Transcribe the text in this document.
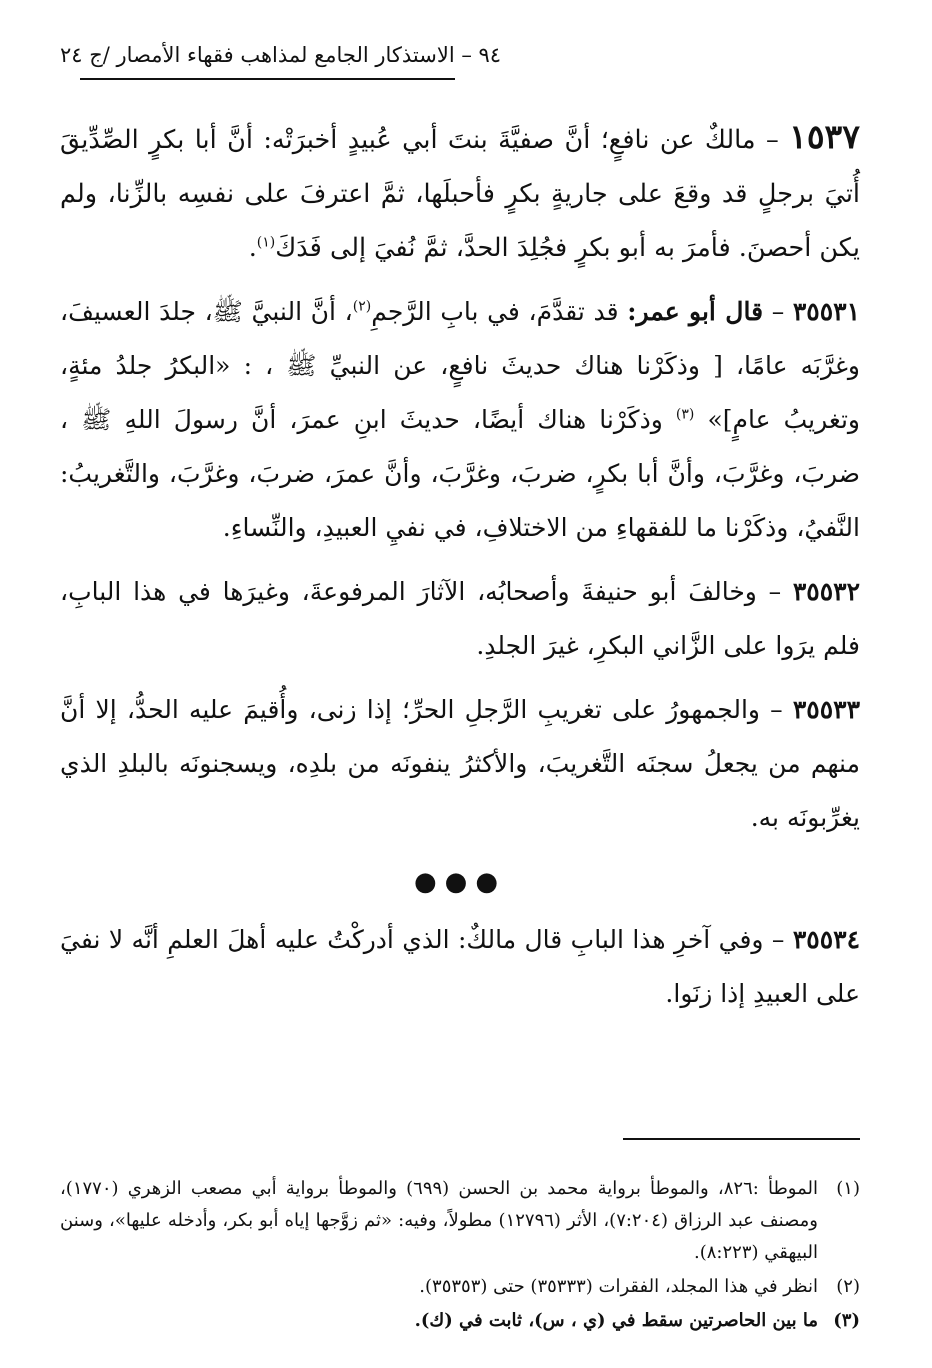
٩٤ – الاستذكار الجامع لمذاهب فقهاء الأمصار /ج ٢٤

١٥٣٧ – مالكٌ عن نافعٍ؛ أنَّ صفيَّةَ بنتَ أبي عُبيدٍ أخبرَتْه: أنَّ أبا بكرٍ الصِّدِّيقَ أُتيَ برجلٍ قد وقعَ على جاريةٍ بكرٍ فأحبلَها، ثمَّ اعترفَ على نفسِه بالزِّنا، ولم يكن أحصنَ. فأمرَ به أبو بكرٍ فجُلِدَ الحدَّ، ثمَّ نُفيَ إلى فَدَكَ$^{(١)}$.

٣٥٥٣١ – قال أبو عمر: قد تقدَّمَ، في بابِ الرَّجمِ$^{(٢)}$، أنَّ النبيَّ ﷺ، جلدَ العسيفَ، وغرَّبَه عامًا، [ وذكَرْنا هناك حديثَ نافعٍ، عن النبيِّ ﷺ ، : «البكرُ جلدُ مئةٍ، وتغريبُ عامٍ]» $^{(٣)}$ وذكَرْنا هناك أيضًا، حديثَ ابنِ عمرَ، أنَّ رسولَ اللهِ ﷺ ، ضربَ، وغرَّبَ، وأنَّ أبا بكرٍ، ضربَ، وغرَّبَ، وأنَّ عمرَ، ضربَ، وغرَّبَ، والتَّغريبُ: النَّفيُ، وذكَرْنا ما للفقهاءِ من الاختلافِ، في نفيِ العبيدِ، والنِّساءِ.

٣٥٥٣٢ – وخالفَ أبو حنيفةَ وأصحابُه، الآثارَ المرفوعةَ، وغيرَها في هذا البابِ، فلم يرَوا على الزَّاني البكرِ، غيرَ الجلدِ.

٣٥٥٣٣ – والجمهورُ على تغريبِ الرَّجلِ الحرِّ؛ إذا زنى، وأُقيمَ عليه الحدُّ، إلا أنَّ منهم من يجعلُ سجنَه التَّغريبَ، والأكثرُ ينفونَه من بلدِه، ويسجنونَه بالبلدِ الذي يغرِّبونَه به.

●●●

٣٥٥٣٤ – وفي آخرِ هذا البابِ قال مالكٌ: الذي أدركْتُ عليه أهلَ العلمِ أنَّه لا نفيَ على العبيدِ إذا زنَوا.

(١)
الموطأ :٨٢٦، والموطأ برواية محمد بن الحسن (٦٩٩) والموطأ برواية أبي مصعب الزهري (١٧٧٠)، ومصنف عبد الرزاق (٧:٢٠٤)، الأثر (١٢٧٩٦) مطولاً، وفيه: «ثم زوَّجها إياه أبو بكر، وأدخله عليها»، وسنن البيهقي (٨:٢٢٣).
(٢)
انظر في هذا المجلد، الفقرات (٣٥٣٣٣) حتى (٣٥٣٥٣).
(٣)
ما بين الحاصرتين سقط في (ي ، س)، ثابت في (ك).
